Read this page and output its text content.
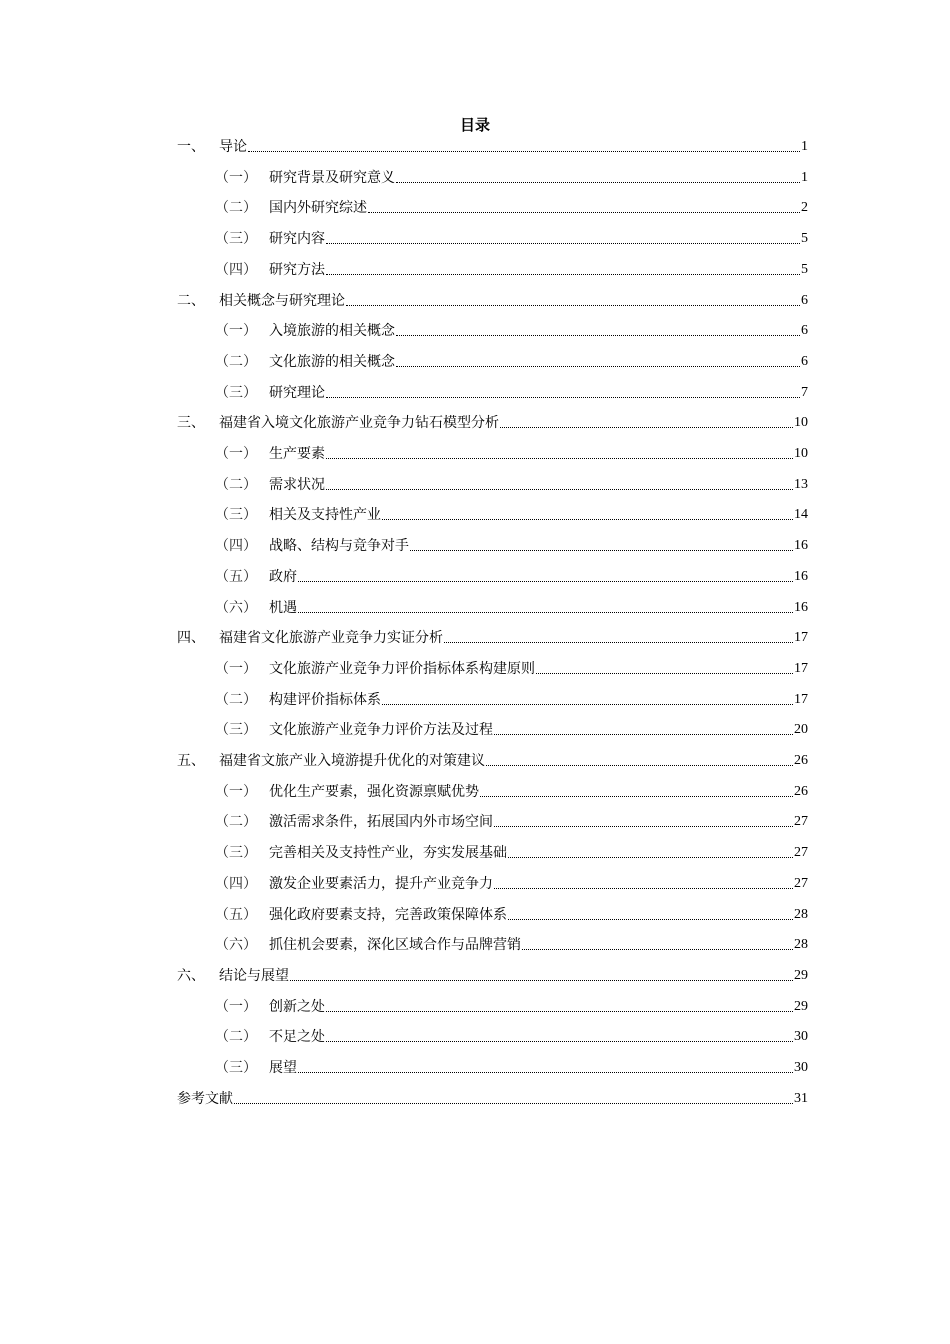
目录
一、	导论	1
（一） 研究背景及研究意义	1
（二） 国内外研究综述	2
（三） 研究内容	5
（四） 研究方法	5
二、	相关概念与研究理论	6
（一） 入境旅游的相关概念	6
（二） 文化旅游的相关概念	6
（三） 研究理论	7
三、	福建省入境文化旅游产业竞争力钻石模型分析	10
（一） 生产要素	10
（二） 需求状况	13
（三） 相关及支持性产业	14
（四） 战略、结构与竞争对手	16
（五） 政府	16
（六） 机遇	16
四、	福建省文化旅游产业竞争力实证分析	17
（一） 文化旅游产业竞争力评价指标体系构建原则	17
（二） 构建评价指标体系	17
（三） 文化旅游产业竞争力评价方法及过程	20
五、	福建省文旅产业入境游提升优化的对策建议	26
（一） 优化生产要素，强化资源禀赋优势	26
（二） 激活需求条件，拓展国内外市场空间	27
（三） 完善相关及支持性产业，夯实发展基础	27
（四） 激发企业要素活力，提升产业竞争力	27
（五） 强化政府要素支持，完善政策保障体系	28
（六） 抓住机会要素，深化区域合作与品牌营销	28
六、	结论与展望	29
（一） 创新之处	29
（二） 不足之处	30
（三） 展望	30
参考文献	31
